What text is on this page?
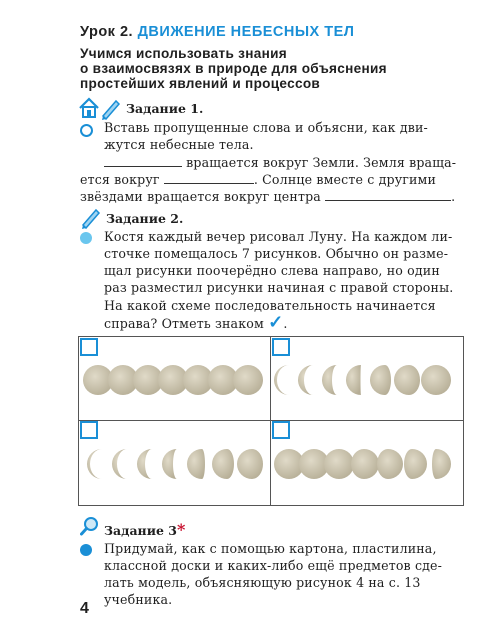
Урок 2. ДВИЖЕНИЕ НЕБЕСНЫХ ТЕЛ
Учимся использовать знания
о взаимосвязях в природе для объяснения
простейших явлений и процессов
Задание 1.
Вставь пропущенные слова и объясни, как дви-
жутся небесные тела.
вращается вокруг Земли. Земля враща-
ется вокруг	. Солнце вместе с другими
звёздами вращается вокруг центра	.
Задание 2.
Костя каждый вечер рисовал Луну. На каждом ли-
сточке помещалось 7 рисунков. Обычно он разме-
щал рисунки поочерёдно слева направо, но один
раз разместил рисунки начиная с правой стороны.
На какой схеме последовательность начинается
справа? Отметь знаком ✓.
Задание 3*
Придумай, как с помощью картона, пластилина,
классной доски и каких-либо ещё предметов сде-
лать модель, объясняющую рисунок 4 на с. 13
учебника.
4
